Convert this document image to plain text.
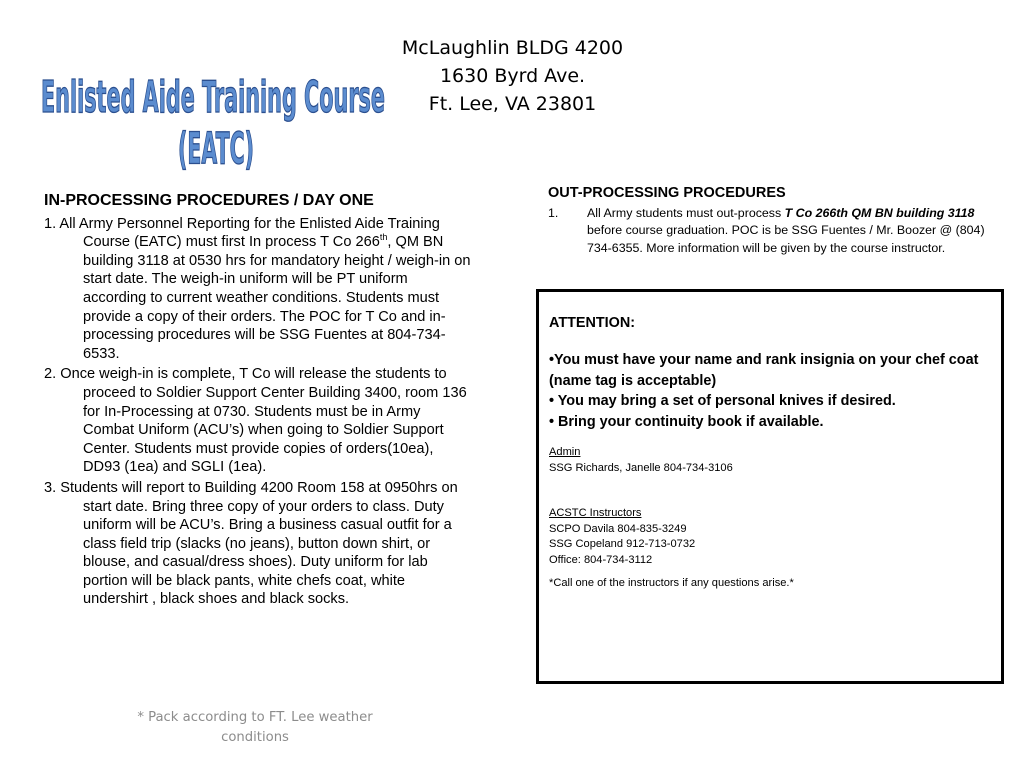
Enlisted Aide Training Course
(EATC)
McLaughlin BLDG 4200
1630 Byrd Ave.
Ft. Lee, VA 23801
IN-PROCESSING PROCEDURES / DAY ONE

1. All Army Personnel Reporting for the Enlisted Aide Training Course (EATC) must first In process T Co 266th, QM BN building 3118 at 0530 hrs for mandatory height / weigh-in on start date. The weigh-in uniform will be PT uniform according to current weather conditions. Students must provide a copy of their orders. The POC for T Co and in-processing procedures will be SSG Fuentes at 804-734-6533.

2. Once weigh-in is complete, T Co will release the students to proceed to Soldier Support Center Building 3400, room 136 for In-Processing at 0730. Students must be in Army Combat Uniform (ACU’s) when going to Soldier Support Center. Students must provide copies of orders(10ea), DD93 (1ea) and SGLI (1ea).

3. Students will report to Building 4200 Room 158 at 0950hrs on start date. Bring three copy of your orders to class. Duty uniform will be ACU’s. Bring a business casual outfit for a class field trip (slacks (no jeans), button down shirt, or blouse, and casual/dress shoes). Duty uniform for lab portion will be black pants, white chefs coat, white undershirt , black shoes and black socks.

OUT-PROCESSING PROCEDURES
1. All Army students must out-process T Co 266th QM BN building 3118 before course graduation. POC is be SSG Fuentes / Mr. Boozer @ (804) 734-6355. More information will be given by the course instructor.
ATTENTION:
•You must have your name and rank insignia on your chef coat (name tag is acceptable)
• You may bring a set of personal knives if desired.
• Bring your continuity book if available.
Admin
SSG Richards, Janelle 804-734-3106
ACSTC Instructors
SCPO Davila 804-835-3249
SSG Copeland 912-713-0732
Office: 804-734-3112
*Call one of the instructors if any questions arise.*
* Pack according to FT. Lee weather
conditions
